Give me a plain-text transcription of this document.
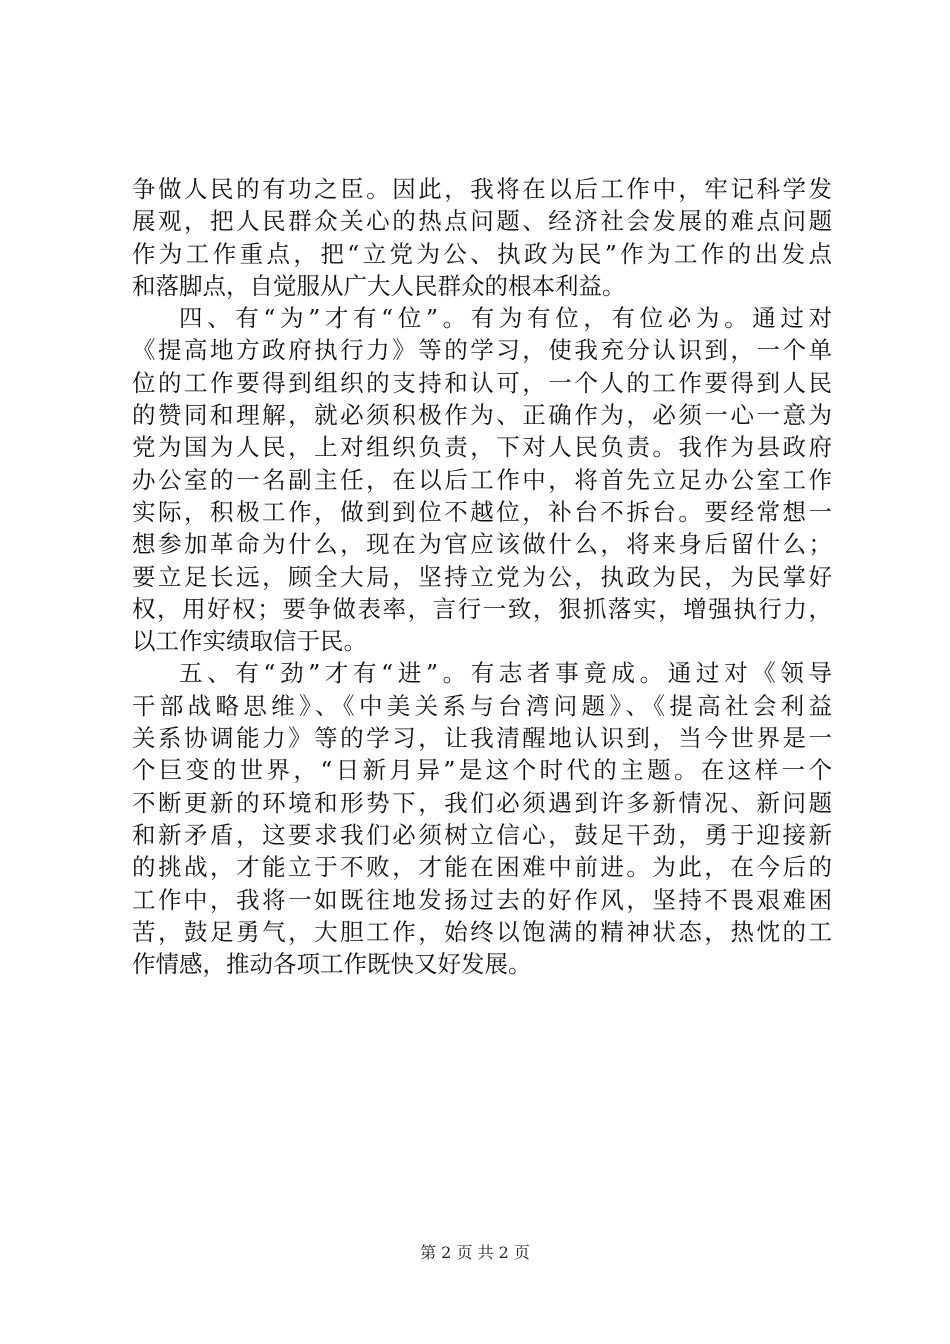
争做人民的有功之臣。因此，我将在以后工作中，牢记科学发
展观，把人民群众关心的热点问题、经济社会发展的难点问题
作为工作重点，把“立党为公、执政为民”作为工作的出发点
和落脚点，自觉服从广大人民群众的根本利益。
四、有“为”才有“位”。有为有位，有位必为。通过对
《提高地方政府执行力》等的学习，使我充分认识到，一个单
位的工作要得到组织的支持和认可，一个人的工作要得到人民
的赞同和理解，就必须积极作为、正确作为，必须一心一意为
党为国为人民，上对组织负责，下对人民负责。我作为县政府
办公室的一名副主任，在以后工作中，将首先立足办公室工作
实际，积极工作，做到到位不越位，补台不拆台。要经常想一
想参加革命为什么，现在为官应该做什么，将来身后留什么；
要立足长远，顾全大局，坚持立党为公，执政为民，为民掌好
权，用好权；要争做表率，言行一致，狠抓落实，增强执行力，
以工作实绩取信于民。
五、有“劲”才有“进”。有志者事竟成。通过对《领导
干部战略思维》、《中美关系与台湾问题》、《提高社会利益
关系协调能力》等的学习，让我清醒地认识到，当今世界是一
个巨变的世界，“日新月异”是这个时代的主题。在这样一个
不断更新的环境和形势下，我们必须遇到许多新情况、新问题
和新矛盾，这要求我们必须树立信心，鼓足干劲，勇于迎接新
的挑战，才能立于不败，才能在困难中前进。为此，在今后的
工作中，我将一如既往地发扬过去的好作风，坚持不畏艰难困
苦，鼓足勇气，大胆工作，始终以饱满的精神状态，热忱的工
作情感，推动各项工作既快又好发展。
第 2 页 共 2 页
